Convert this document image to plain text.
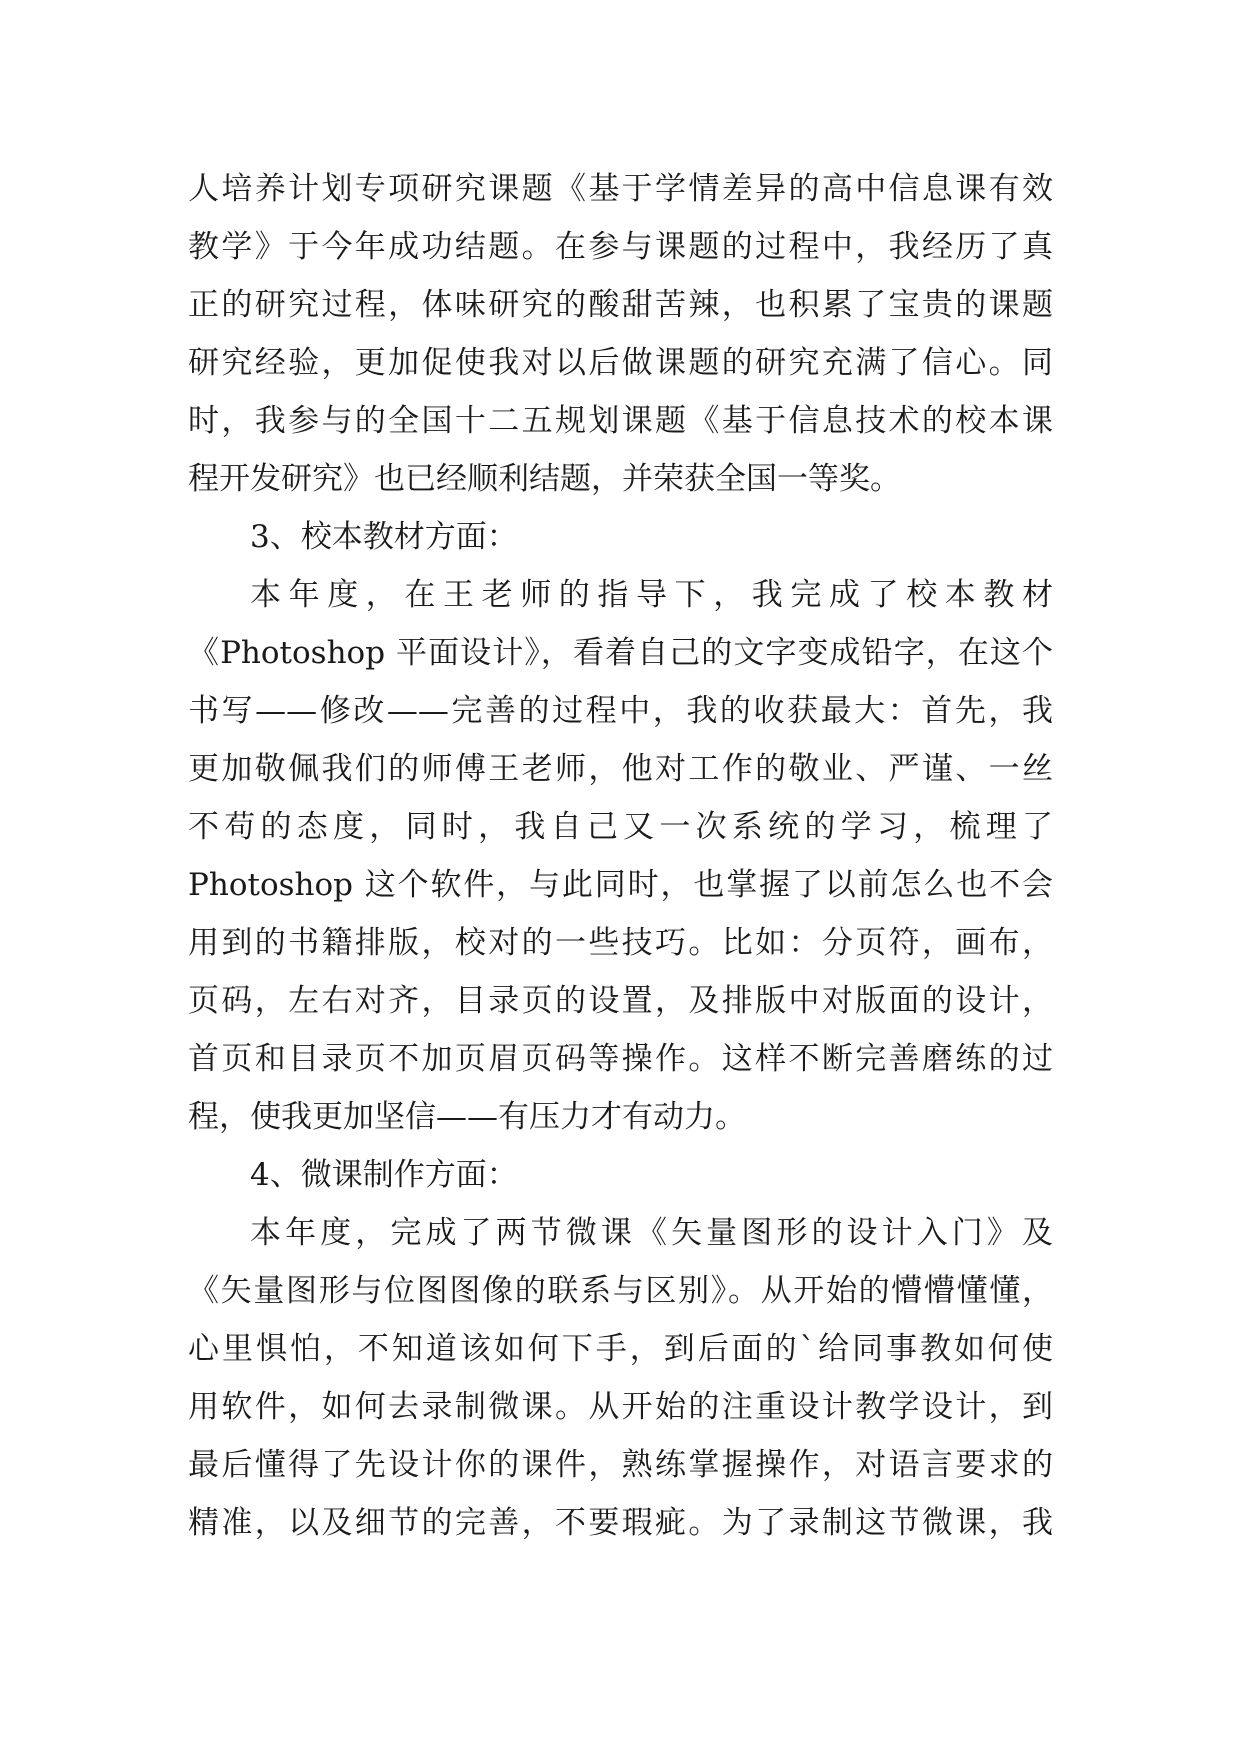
人培养计划专项研究课题《基于学情差异的高中信息课有效
教学》于今年成功结题。在参与课题的过程中，我经历了真
正的研究过程，体味研究的酸甜苦辣，也积累了宝贵的课题
研究经验，更加促使我对以后做课题的研究充满了信心。同
时，我参与的全国十二五规划课题《基于信息技术的校本课
程开发研究》也已经顺利结题，并荣获全国一等奖。
3、校本教材方面：
本年度，在王老师的指导下，我完成了校本教材
《Photoshop 平面设计》，看着自己的文字变成铅字，在这个
书写——修改——完善的过程中，我的收获最大：首先，我
更加敬佩我们的师傅王老师，他对工作的敬业、严谨、一丝
不苟的态度，同时，我自己又一次系统的学习，梳理了
Photoshop 这个软件，与此同时，也掌握了以前怎么也不会
用到的书籍排版，校对的一些技巧。比如：分页符，画布，
页码，左右对齐，目录页的设置，及排版中对版面的设计，
首页和目录页不加页眉页码等操作。这样不断完善磨练的过
程，使我更加坚信——有压力才有动力。
4、微课制作方面：
本年度，完成了两节微课《矢量图形的设计入门》及
《矢量图形与位图图像的联系与区别》。从开始的懵懵懂懂，
心里惧怕，不知道该如何下手，到后面的`给同事教如何使
用软件，如何去录制微课。从开始的注重设计教学设计，到
最后懂得了先设计你的课件，熟练掌握操作，对语言要求的
精准，以及细节的完善，不要瑕疵。为了录制这节微课，我
